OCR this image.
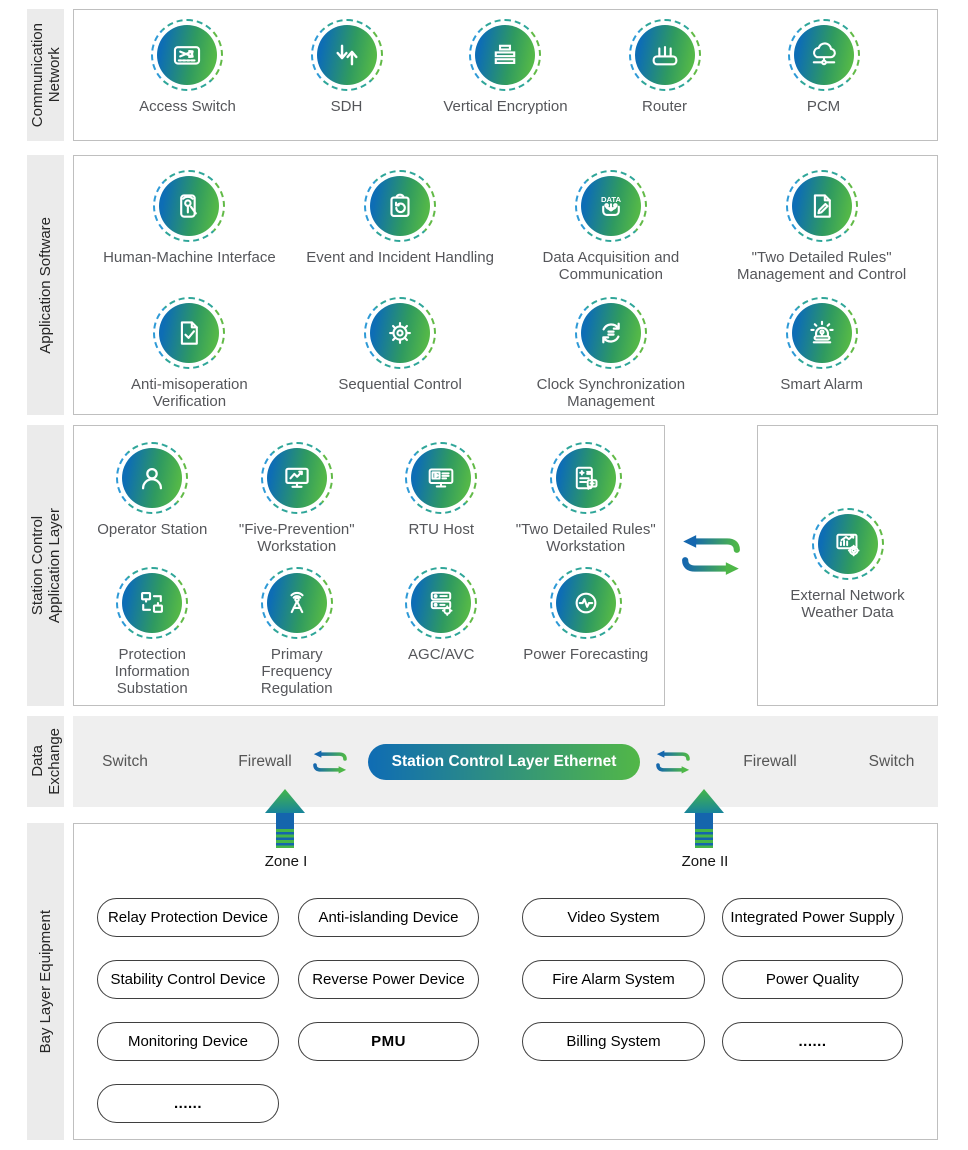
Communication Network
Access Switch	SDH	Vertical Encryption	Router	PCM
Application Software	Human-Machine Interface Event and Incident Handling	Data Acquisition and Communication
"Two Detailed Rules" Management and Control
Anti-misoperation Verification
Sequential Control	Clock Synchronization Management
Smart Alarm
Station Control Application Layer Operator Station	"Five-Prevention" Workstation
RTU Host	"Two Detailed Rules" Workstation
Protection Information Substation
Primary Frequency Regulation
AGC/AVC	Power Forecasting
External Network Weather Data
Data Exchange	Switch	Firewall	Station Control Layer Ethernet	Firewall	Switch
Bay Layer Equipment
Zone I	Zone II
Relay Protection Device	Anti-islanding Device	Video System	Integrated Power Supply
Stability Control Device	Reverse Power Device	Fire Alarm System	Power Quality
Monitoring Device	PMU	Billing System	......
......
